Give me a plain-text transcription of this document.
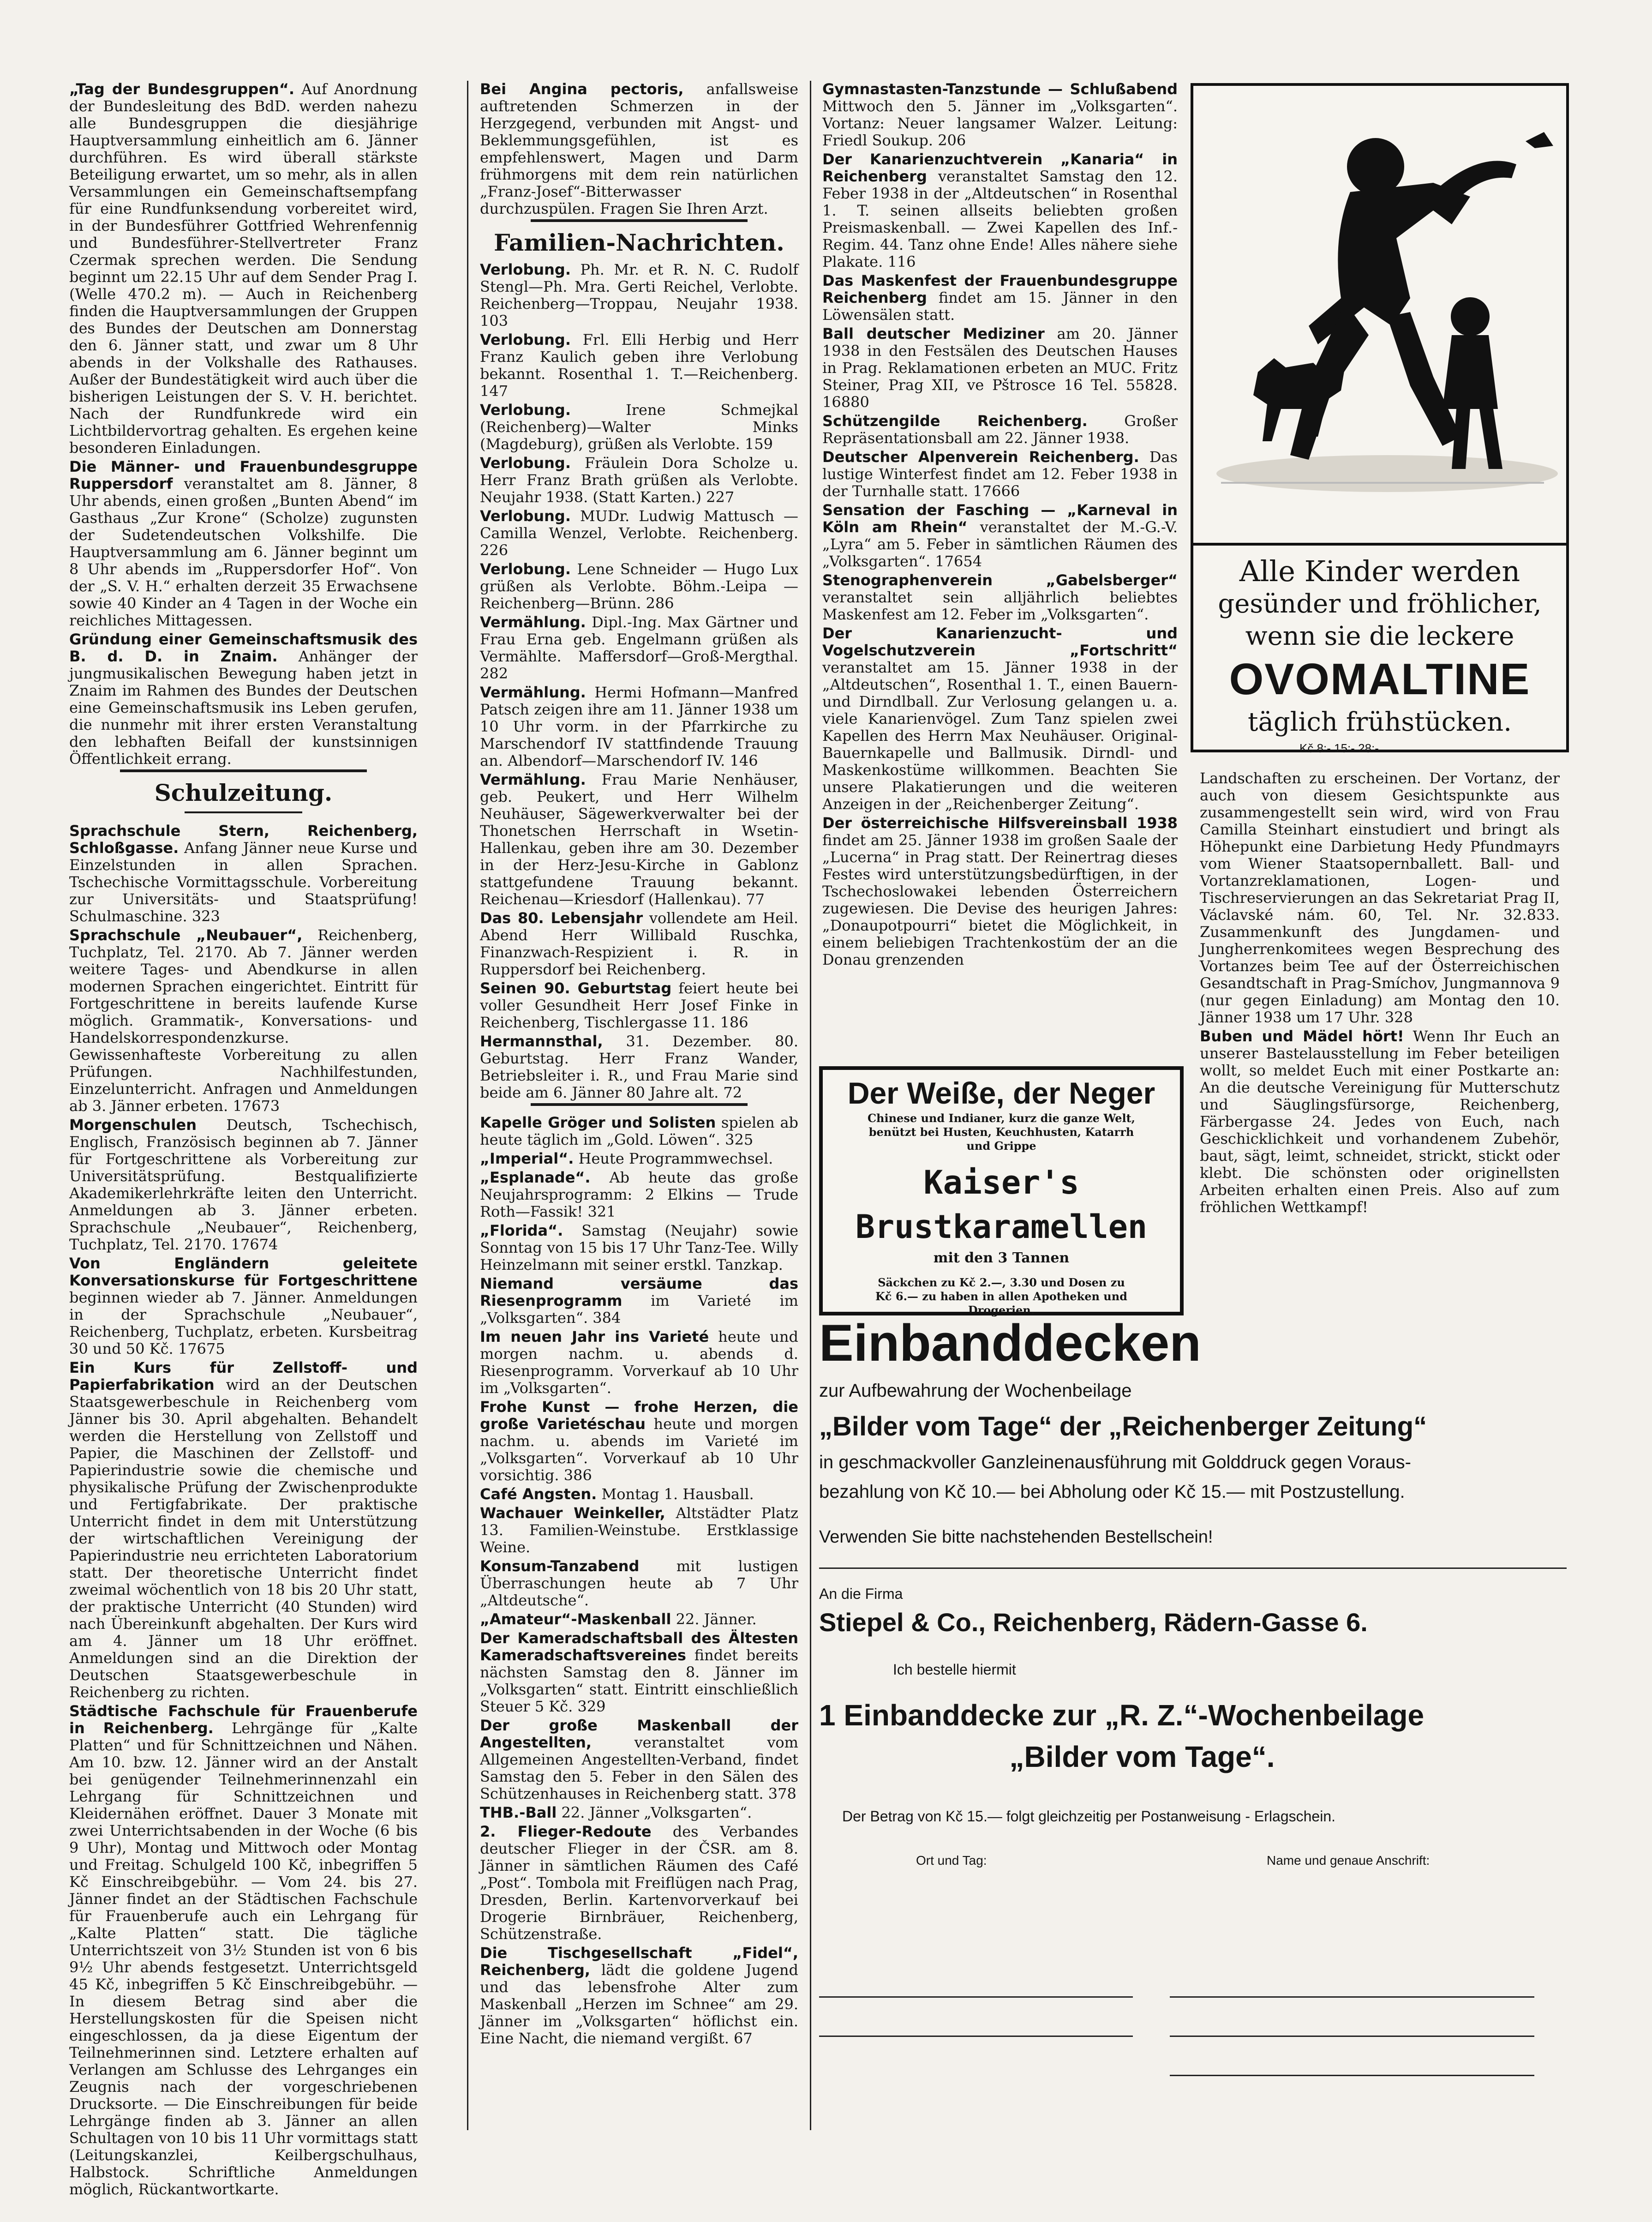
„Tag der Bundesgruppen“. Auf Anordnung der Bundesleitung des BdD. werden nahezu alle Bundesgruppen die diesjährige Hauptversammlung einheitlich am 6. Jänner durchführen. Es wird überall stärkste Beteiligung erwartet, um so mehr, als in allen Versammlungen ein Gemeinschaftsempfang für eine Rundfunksendung vorbereitet wird, in der Bundesführer Gottfried Wehrenfennig und Bundesführer-Stellvertreter Franz Czermak sprechen werden. Die Sendung beginnt um 22.15 Uhr auf dem Sender Prag I. (Welle 470.2 m). — Auch in Reichenberg finden die Hauptversammlungen der Gruppen des Bundes der Deutschen am Donnerstag den 6. Jänner statt, und zwar um 8 Uhr abends in der Volkshalle des Rathauses. Außer der Bundestätigkeit wird auch über die bisherigen Leistungen der S. V. H. berichtet. Nach der Rundfunkrede wird ein Lichtbildervortrag gehalten. Es ergehen keine besonderen Einladungen.

Die Männer- und Frauenbundesgruppe Ruppersdorf veranstaltet am 8. Jänner, 8 Uhr abends, einen großen „Bunten Abend“ im Gasthaus „Zur Krone“ (Scholze) zugunsten der Sudetendeutschen Volkshilfe. Die Hauptversammlung am 6. Jänner beginnt um 8 Uhr abends im „Ruppersdorfer Hof“. Von der „S. V. H.“ erhalten derzeit 35 Erwachsene sowie 40 Kinder an 4 Tagen in der Woche ein reichliches Mittagessen.

Gründung einer Gemeinschaftsmusik des B. d. D. in Znaim. Anhänger der jungmusikalischen Bewegung haben jetzt in Znaim im Rahmen des Bundes der Deutschen eine Gemeinschaftsmusik ins Leben gerufen, die nunmehr mit ihrer ersten Veranstaltung den lebhaften Beifall der kunstsinnigen Öffentlichkeit errang.

Schulzeitung.

Sprachschule Stern, Reichenberg, Schloßgasse. Anfang Jänner neue Kurse und Einzelstunden in allen Sprachen. Tschechische Vormittagsschule. Vorbereitung zur Universitäts- und Staatsprüfung! Schulmaschine. 323

Sprachschule „Neubauer“, Reichenberg, Tuchplatz, Tel. 2170. Ab 7. Jänner werden weitere Tages- und Abendkurse in allen modernen Sprachen eingerichtet. Eintritt für Fortgeschrittene in bereits laufende Kurse möglich. Grammatik-, Konversations- und Handelskorrespondenzkurse. Gewissenhafteste Vorbereitung zu allen Prüfungen. Nachhilfestunden, Einzelunterricht. Anfragen und Anmeldungen ab 3. Jänner erbeten. 17673

Morgenschulen Deutsch, Tschechisch, Englisch, Französisch beginnen ab 7. Jänner für Fortgeschrittene als Vorbereitung zur Universitätsprüfung. Bestqualifizierte Akademikerlehrkräfte leiten den Unterricht. Anmeldungen ab 3. Jänner erbeten. Sprachschule „Neubauer“, Reichenberg, Tuchplatz, Tel. 2170. 17674

Von Engländern geleitete Konversationskurse für Fortgeschrittene beginnen wieder ab 7. Jänner. Anmeldungen in der Sprachschule „Neubauer“, Reichenberg, Tuchplatz, erbeten. Kursbeitrag 30 und 50 Kč. 17675

Ein Kurs für Zellstoff- und Papierfabrikation wird an der Deutschen Staatsgewerbeschule in Reichenberg vom Jänner bis 30. April abgehalten. Behandelt werden die Herstellung von Zellstoff und Papier, die Maschinen der Zellstoff- und Papierindustrie sowie die chemische und physikalische Prüfung der Zwischenprodukte und Fertigfabrikate. Der praktische Unterricht findet in dem mit Unterstützung der wirtschaftlichen Vereinigung der Papierindustrie neu errichteten Laboratorium statt. Der theoretische Unterricht findet zweimal wöchentlich von 18 bis 20 Uhr statt, der praktische Unterricht (40 Stunden) wird nach Übereinkunft abgehalten. Der Kurs wird am 4. Jänner um 18 Uhr eröffnet. Anmeldungen sind an die Direktion der Deutschen Staatsgewerbeschule in Reichenberg zu richten.

Städtische Fachschule für Frauenberufe in Reichenberg. Lehrgänge für „Kalte Platten“ und für Schnittzeichnen und Nähen. Am 10. bzw. 12. Jänner wird an der Anstalt bei genügender Teilnehmerinnenzahl ein Lehrgang für Schnittzeichnen und Kleidernähen eröffnet. Dauer 3 Monate mit zwei Unterrichtsabenden in der Woche (6 bis 9 Uhr), Montag und Mittwoch oder Montag und Freitag. Schulgeld 100 Kč, inbegriffen 5 Kč Einschreibgebühr. — Vom 24. bis 27. Jänner findet an der Städtischen Fachschule für Frauenberufe auch ein Lehrgang für „Kalte Platten“ statt. Die tägliche Unterrichtszeit von 3½ Stunden ist von 6 bis 9½ Uhr abends festgesetzt. Unterrichtsgeld 45 Kč, inbegriffen 5 Kč Einschreibgebühr. — In diesem Betrag sind aber die Herstellungskosten für die Speisen nicht eingeschlossen, da ja diese Eigentum der Teilnehmerinnen sind. Letztere erhalten auf Verlangen am Schlusse des Lehrganges ein Zeugnis nach der vorgeschriebenen Drucksorte. — Die Einschreibungen für beide Lehrgänge finden ab 3. Jänner an allen Schultagen von 10 bis 11 Uhr vormittags statt (Leitungskanzlei, Keilbergschulhaus, Halbstock. Schriftliche Anmeldungen möglich, Rückantwortkarte.

Bei Angina pectoris, anfallsweise auftretenden Schmerzen in der Herzgegend, verbunden mit Angst- und Beklemmungsgefühlen, ist es empfehlenswert, Magen und Darm frühmorgens mit dem rein natürlichen „Franz-Josef“-Bitterwasser durchzuspülen. Fragen Sie Ihren Arzt.

Familien-Nachrichten.

Verlobung. Ph. Mr. et R. N. C. Rudolf Stengl—Ph. Mra. Gerti Reichel, Verlobte. Reichenberg—Troppau, Neujahr 1938. 103

Verlobung. Frl. Elli Herbig und Herr Franz Kaulich geben ihre Verlobung bekannt. Rosenthal 1. T.—Reichenberg. 147

Verlobung. Irene Schmejkal (Reichenberg)—Walter Minks (Magdeburg), grüßen als Verlobte. 159

Verlobung. Fräulein Dora Scholze u. Herr Franz Brath grüßen als Verlobte. Neujahr 1938. (Statt Karten.) 227

Verlobung. MUDr. Ludwig Mattusch —Camilla Wenzel, Verlobte. Reichenberg. 226

Verlobung. Lene Schneider — Hugo Lux grüßen als Verlobte. Böhm.-Leipa —Reichenberg—Brünn. 286

Vermählung. Dipl.-Ing. Max Gärtner und Frau Erna geb. Engelmann grüßen als Vermählte. Maffersdorf—Groß-Mergthal. 282

Vermählung. Hermi Hofmann—Manfred Patsch zeigen ihre am 11. Jänner 1938 um 10 Uhr vorm. in der Pfarrkirche zu Marschendorf IV stattfindende Trauung an. Albendorf—Marschendorf IV. 146

Vermählung. Frau Marie Nenhäuser, geb. Peukert, und Herr Wilhelm Neuhäuser, Sägewerkverwalter bei der Thonetschen Herrschaft in Wsetin-Hallenkau, geben ihre am 30. Dezember in der Herz-Jesu-Kirche in Gablonz stattgefundene Trauung bekannt. Reichenau—Kriesdorf (Hallenkau). 77

Das 80. Lebensjahr vollendete am Heil. Abend Herr Willibald Ruschka, Finanzwach-Respizient i. R. in Ruppersdorf bei Reichenberg.

Seinen 90. Geburtstag feiert heute bei voller Gesundheit Herr Josef Finke in Reichenberg, Tischlergasse 11. 186

Hermannsthal, 31. Dezember. 80. Geburtstag. Herr Franz Wander, Betriebsleiter i. R., und Frau Marie sind beide am 6. Jänner 80 Jahre alt. 72

Kapelle Gröger und Solisten spielen ab heute täglich im „Gold. Löwen“. 325

„Imperial“. Heute Programmwechsel.

„Esplanade“. Ab heute das große Neujahrsprogramm: 2 Elkins — Trude Roth—Fassik! 321

„Florida“. Samstag (Neujahr) sowie Sonntag von 15 bis 17 Uhr Tanz-Tee. Willy Heinzelmann mit seiner erstkl. Tanzkap.

Niemand versäume das Riesenprogramm im Varieté im „Volksgarten“. 384

Im neuen Jahr ins Varieté heute und morgen nachm. u. abends d. Riesenprogramm. Vorverkauf ab 10 Uhr im „Volksgarten“.

Frohe Kunst — frohe Herzen, die große Varietéschau heute und morgen nachm. u. abends im Varieté im „Volksgarten“. Vorverkauf ab 10 Uhr vorsichtig. 386

Café Angsten. Montag 1. Hausball.

Wachauer Weinkeller, Altstädter Platz 13. Familien-Weinstube. Erstklassige Weine.

Konsum-Tanzabend mit lustigen Überraschungen heute ab 7 Uhr „Altdeutsche“.

„Amateur“-Maskenball 22. Jänner.

Der Kameradschaftsball des Ältesten Kameradschaftsvereines findet bereits nächsten Samstag den 8. Jänner im „Volksgarten“ statt. Eintritt einschließlich Steuer 5 Kč. 329

Der große Maskenball der Angestellten, veranstaltet vom Allgemeinen Angestellten-Verband, findet Samstag den 5. Feber in den Sälen des Schützenhauses in Reichenberg statt. 378

THB.-Ball 22. Jänner „Volksgarten“.

2. Flieger-Redoute des Verbandes deutscher Flieger in der ČSR. am 8. Jänner in sämtlichen Räumen des Café „Post“. Tombola mit Freiflügen nach Prag, Dresden, Berlin. Kartenvorverkauf bei Drogerie Birnbräuer, Reichenberg, Schützenstraße.

Die Tischgesellschaft „Fidel“, Reichenberg, lädt die goldene Jugend und das lebensfrohe Alter zum Maskenball „Herzen im Schnee“ am 29. Jänner im „Volksgarten“ höflichst ein. Eine Nacht, die niemand vergißt. 67

Gymnastasten-Tanzstunde — Schlußabend Mittwoch den 5. Jänner im „Volksgarten“. Vortanz: Neuer langsamer Walzer. Leitung: Friedl Soukup. 206

Der Kanarienzuchtverein „Kanaria“ in Reichenberg veranstaltet Samstag den 12. Feber 1938 in der „Altdeutschen“ in Rosenthal 1. T. seinen allseits beliebten großen Preismaskenball. — Zwei Kapellen des Inf.-Regim. 44. Tanz ohne Ende! Alles nähere siehe Plakate. 116

Das Maskenfest der Frauenbundesgruppe Reichenberg findet am 15. Jänner in den Löwensälen statt.

Ball deutscher Mediziner am 20. Jänner 1938 in den Festsälen des Deutschen Hauses in Prag. Reklamationen erbeten an MUC. Fritz Steiner, Prag XII, ve Pštrosce 16 Tel. 55828. 16880

Schützengilde Reichenberg. Großer Repräsentationsball am 22. Jänner 1938.

Deutscher Alpenverein Reichenberg. Das lustige Winterfest findet am 12. Feber 1938 in der Turnhalle statt. 17666

Sensation der Fasching — „Karneval in Köln am Rhein“ veranstaltet der M.-G.-V. „Lyra“ am 5. Feber in sämtlichen Räumen des „Volksgarten“. 17654

Stenographenverein „Gabelsberger“ veranstaltet sein alljährlich beliebtes Maskenfest am 12. Feber im „Volksgarten“.

Der Kanarienzucht- und Vogelschutzverein „Fortschritt“ veranstaltet am 15. Jänner 1938 in der „Altdeutschen“, Rosenthal 1. T., einen Bauern- und Dirndlball. Zur Verlosung gelangen u. a. viele Kanarienvögel. Zum Tanz spielen zwei Kapellen des Herrn Max Neuhäuser. Original-Bauernkapelle und Ballmusik. Dirndl- und Maskenkostüme willkommen. Beachten Sie unsere Plakatierungen und die weiteren Anzeigen in der „Reichenberger Zeitung“.

Der österreichische Hilfsvereinsball 1938 findet am 25. Jänner 1938 im großen Saale der „Lucerna“ in Prag statt. Der Reinertrag dieses Festes wird unterstützungsbedürftigen, in der Tschechoslowakei lebenden Österreichern zugewiesen. Die Devise des heurigen Jahres: „Donaupotpourri“ bietet die Möglichkeit, in einem beliebigen Trachtenkostüm der an die Donau grenzenden

Alle Kinder werden
gesünder und fröhlicher,
wenn sie die leckere
OVOMALTINE
täglich frühstücken.
Kč 8:- 15:- 28:-

Landschaften zu erscheinen. Der Vortanz, der auch von diesem Gesichtspunkte aus zusammengestellt sein wird, wird von Frau Camilla Steinhart einstudiert und bringt als Höhepunkt eine Darbietung Hedy Pfundmayrs vom Wiener Staatsopernballett. Ball- und Vortanzreklamationen, Logen- und Tischreservierungen an das Sekretariat Prag II, Václavské nám. 60, Tel. Nr. 32.833. Zusammenkunft des Jungdamen- und Jungherrenkomitees wegen Besprechung des Vortanzes beim Tee auf der Österreichischen Gesandtschaft in Prag-Smíchov, Jungmannova 9 (nur gegen Einladung) am Montag den 10. Jänner 1938 um 17 Uhr. 328

Buben und Mädel hört! Wenn Ihr Euch an unserer Bastelausstellung im Feber beteiligen wollt, so meldet Euch mit einer Postkarte an: An die deutsche Vereinigung für Mutterschutz und Säuglingsfürsorge, Reichenberg, Färbergasse 24. Jedes von Euch, nach Geschicklichkeit und vorhandenem Zubehör, baut, sägt, leimt, schneidet, strickt, stickt oder klebt. Die schönsten oder originellsten Arbeiten erhalten einen Preis. Also auf zum fröhlichen Wettkampf!

Der Weiße, der Neger
Chinese und Indianer, kurz die ganze Welt,
benützt bei Husten, Keuchhusten, Katarrh
und Grippe
Kaiser's Brustkaramellen
mit den 3 Tannen
Säckchen zu Kč 2.—, 3.30 und Dosen zu
Kč 6.— zu haben in allen Apotheken und
Drogerien.
Einbanddecken
zur Aufbewahrung der Wochenbeilage
„Bilder vom Tage“ der „Reichenberger Zeitung“
in geschmackvoller Ganzleinenausführung mit Golddruck gegen Voraus-
bezahlung von Kč 10.— bei Abholung oder Kč 15.— mit Postzustellung.
Verwenden Sie bitte nachstehenden Bestellschein!
An die Firma
Stiepel & Co., Reichenberg, Rädern-Gasse 6.
Ich bestelle hiermit
1 Einbanddecke zur „R. Z.“-Wochenbeilage
„Bilder vom Tage“.
Der Betrag von Kč 15.— folgt gleichzeitig per Postanweisung - Erlagschein.
Ort und Tag:	Name und genaue Anschrift:
